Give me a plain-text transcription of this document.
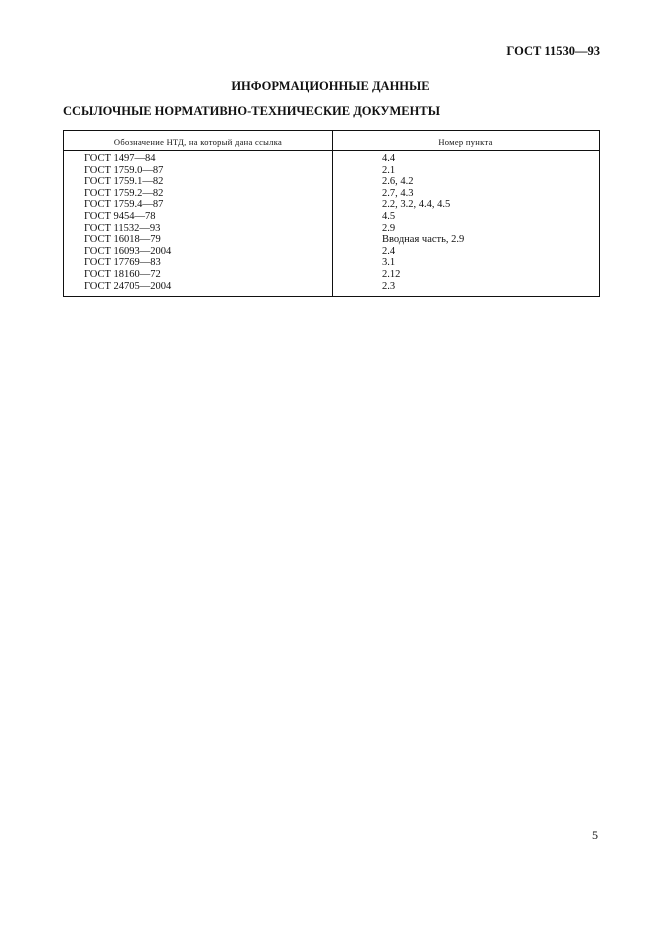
ГОСТ 11530—93
ИНФОРМАЦИОННЫЕ ДАННЫЕ
ССЫЛОЧНЫЕ НОРМАТИВНО-ТЕХНИЧЕСКИЕ ДОКУМЕНТЫ
Обозначение НТД, на который дана ссылка	Номер пункта
ГОСТ 1497—84	4.4
ГОСТ 1759.0—87	2.1
ГОСТ 1759.1—82	2.6, 4.2
ГОСТ 1759.2—82	2.7, 4.3
ГОСТ 1759.4—87	2.2, 3.2, 4.4, 4.5
ГОСТ 9454—78	4.5
ГОСТ 11532—93	2.9
ГОСТ 16018—79	Вводная часть, 2.9
ГОСТ 16093—2004	2.4
ГОСТ 17769—83	3.1
ГОСТ 18160—72	2.12
ГОСТ 24705—2004	2.3
5
